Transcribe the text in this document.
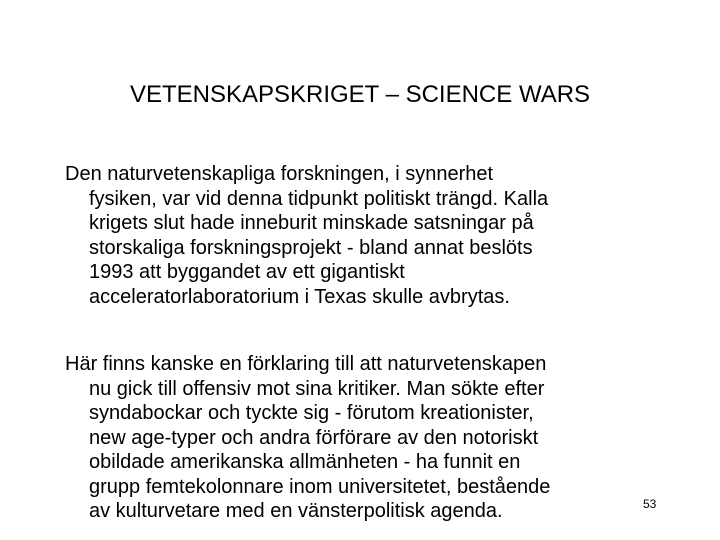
VETENSKAPSKRIGET – SCIENCE WARS

Den naturvetenskapliga forskningen, i synnerhet
fysiken, var vid denna tidpunkt politiskt trängd. Kalla
krigets slut hade inneburit minskade satsningar på
storskaliga forskningsprojekt - bland annat beslöts
1993 att byggandet av ett gigantiskt
acceleratorlaboratorium i Texas skulle avbrytas.

Här finns kanske en förklaring till att naturvetenskapen
nu gick till offensiv mot sina kritiker. Man sökte efter
syndabockar och tyckte sig - förutom kreationister,
new age-typer och andra förförare av den notoriskt
obildade amerikanska allmänheten - ha funnit en
grupp femtekolonnare inom universitetet, bestående
av kulturvetare med en vänsterpolitisk agenda.	53
